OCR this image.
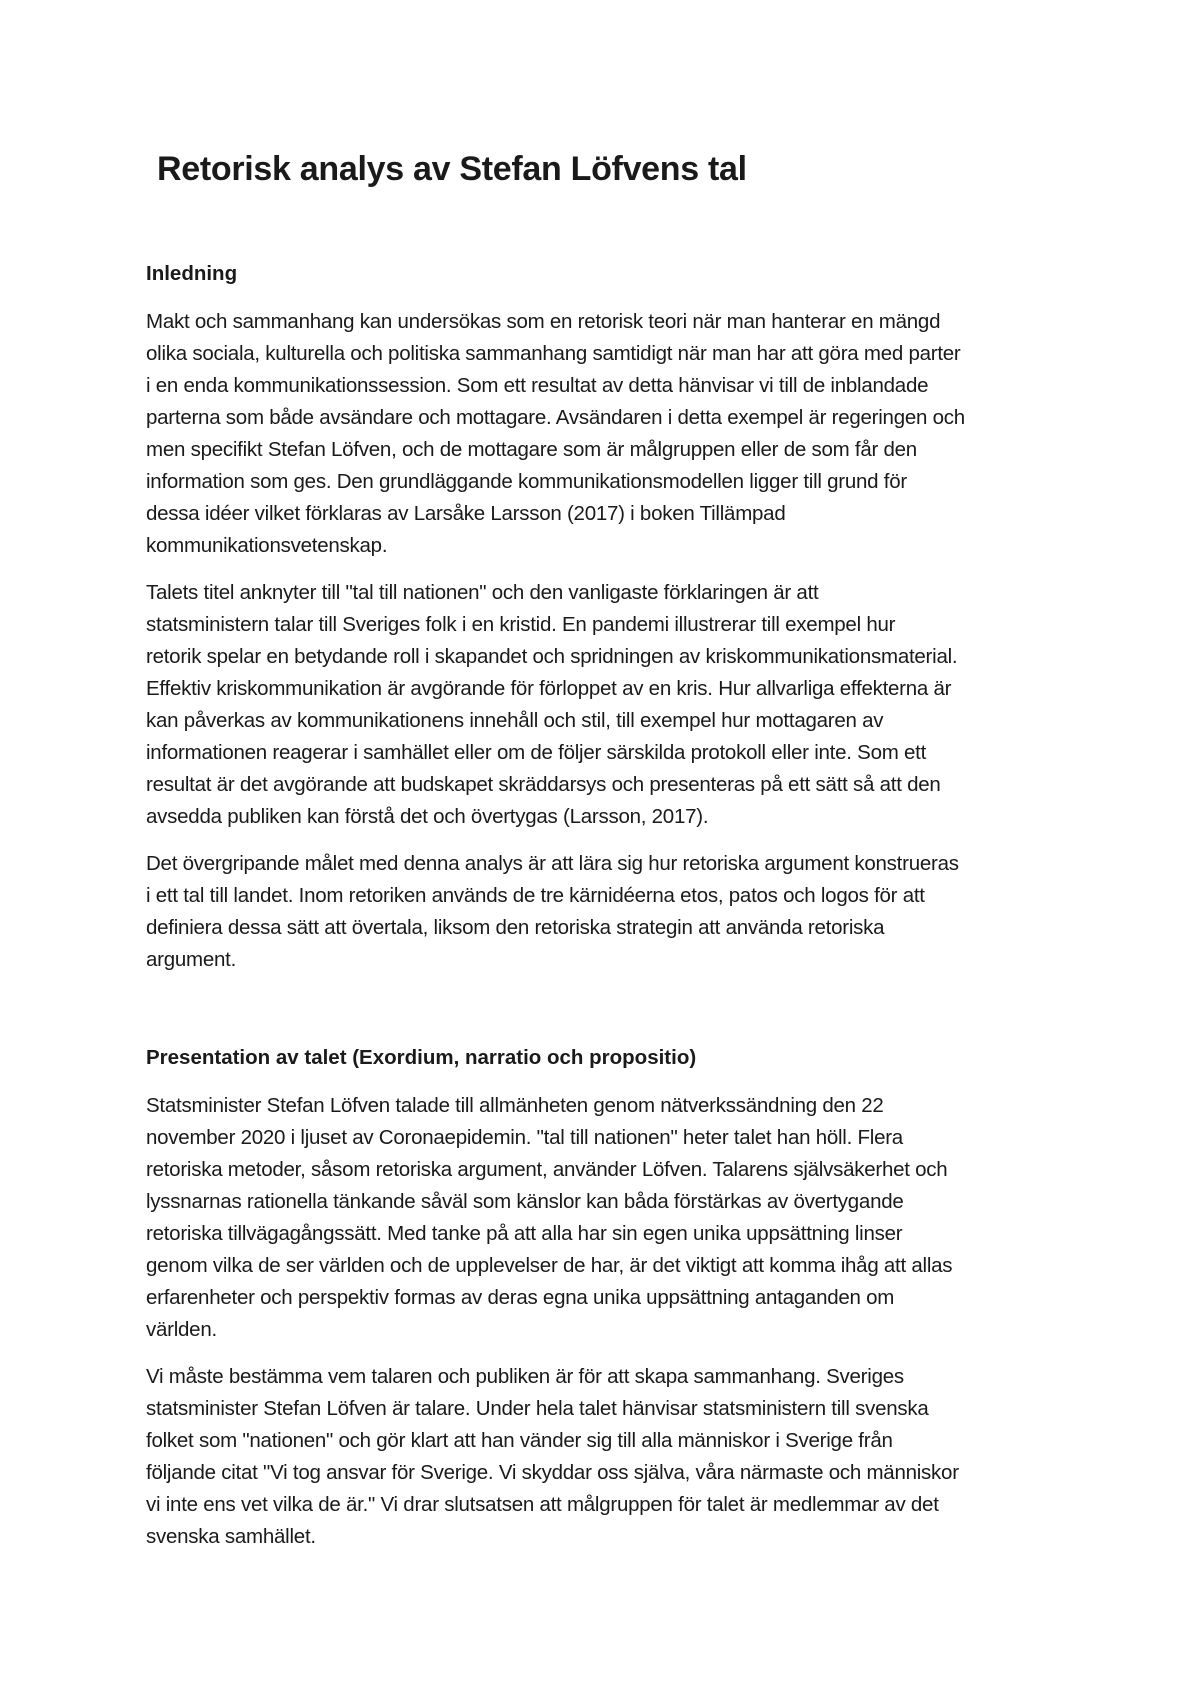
Retorisk analys av Stefan Löfvens tal
Inledning

Makt och sammanhang kan undersökas som en retorisk teori när man hanterar en mängd
olika sociala, kulturella och politiska sammanhang samtidigt när man har att göra med parter
i en enda kommunikationssession. Som ett resultat av detta hänvisar vi till de inblandade
parterna som både avsändare och mottagare. Avsändaren i detta exempel är regeringen och
men specifikt Stefan Löfven, och de mottagare som är målgruppen eller de som får den
information som ges. Den grundläggande kommunikationsmodellen ligger till grund för
dessa idéer vilket förklaras av Larsåke Larsson (2017) i boken Tillämpad
kommunikationsvetenskap.

Talets titel anknyter till "tal till nationen" och den vanligaste förklaringen är att
statsministern talar till Sveriges folk i en kristid. En pandemi illustrerar till exempel hur
retorik spelar en betydande roll i skapandet och spridningen av kriskommunikationsmaterial.
Effektiv kriskommunikation är avgörande för förloppet av en kris. Hur allvarliga effekterna är
kan påverkas av kommunikationens innehåll och stil, till exempel hur mottagaren av
informationen reagerar i samhället eller om de följer särskilda protokoll eller inte. Som ett
resultat är det avgörande att budskapet skräddarsys och presenteras på ett sätt så att den
avsedda publiken kan förstå det och övertygas (Larsson, 2017).

Det övergripande målet med denna analys är att lära sig hur retoriska argument konstrueras
i ett tal till landet. Inom retoriken används de tre kärnidéerna etos, patos och logos för att
definiera dessa sätt att övertala, liksom den retoriska strategin att använda retoriska
argument.

Presentation av talet (Exordium, narratio och propositio)

Statsminister Stefan Löfven talade till allmänheten genom nätverkssändning den 22
november 2020 i ljuset av Coronaepidemin. "tal till nationen" heter talet han höll. Flera
retoriska metoder, såsom retoriska argument, använder Löfven. Talarens självsäkerhet och
lyssnarnas rationella tänkande såväl som känslor kan båda förstärkas av övertygande
retoriska tillvägagångssätt. Med tanke på att alla har sin egen unika uppsättning linser
genom vilka de ser världen och de upplevelser de har, är det viktigt att komma ihåg att allas
erfarenheter och perspektiv formas av deras egna unika uppsättning antaganden om
världen.

Vi måste bestämma vem talaren och publiken är för att skapa sammanhang. Sveriges
statsminister Stefan Löfven är talare. Under hela talet hänvisar statsministern till svenska
folket som "nationen" och gör klart att han vänder sig till alla människor i Sverige från
följande citat "Vi tog ansvar för Sverige. Vi skyddar oss själva, våra närmaste och människor
vi inte ens vet vilka de är." Vi drar slutsatsen att målgruppen för talet är medlemmar av det
svenska samhället.
